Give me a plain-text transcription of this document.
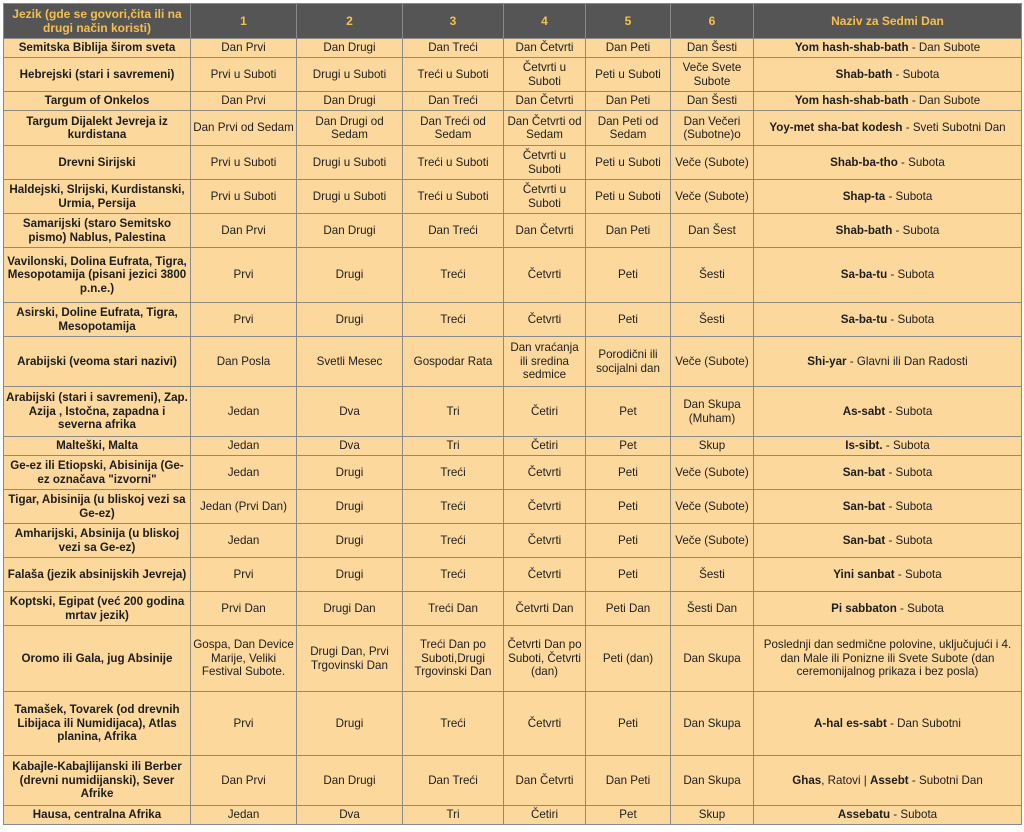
Jezik (gde se govori,čita ili na drugi način koristi)	1	2	3	4	5	6	Naziv za Sedmi Dan
Semitska Biblija širom sveta	Dan Prvi	Dan Drugi	Dan Treći	Dan Četvrti	Dan Peti	Dan Šesti	Yom hash-shab-bath - Dan Subote
Hebrejski (stari i savremeni)	Prvi u Suboti	Drugi u Suboti	Treći u Suboti	Četvrti u Suboti	Peti u Suboti	Veče Svete Subote	Shab-bath - Subota
Targum of Onkelos	Dan Prvi	Dan Drugi	Dan Treći	Dan Četvrti	Dan Peti	Dan Šesti	Yom hash-shab-bath - Dan Subote
Targum Dijalekt Jevreja iz kurdistana	Dan Prvi od Sedam	Dan Drugi od Sedam	Dan Treći od Sedam	Dan Četvrti od Sedam	Dan Peti od Sedam	Dan Večeri (Subotne)o	Yoy-met sha-bat kodesh - Sveti Subotni Dan
Drevni Sirijski	Prvi u Suboti	Drugi u Suboti	Treći u Suboti	Četvrti u Suboti	Peti u Suboti	Veče (Subote)	Shab-ba-tho - Subota
Haldejski, Slrijski, Kurdistanski, Urmia, Persija	Prvi u Suboti	Drugi u Suboti	Treći u Suboti	Četvrti u Suboti	Peti u Suboti	Veče (Subote)	Shap-ta - Subota
Samarijski (staro Semitsko pismo) Nablus, Palestina	Dan Prvi	Dan Drugi	Dan Treći	Dan Četvrti	Dan Peti	Dan Šest	Shab-bath - Subota
Vavilonski, Dolina Eufrata, Tigra, Mesopotamija (pisani jezici 3800 p.n.e.)	Prvi	Drugi	Treći	Četvrti	Peti	Šesti	Sa-ba-tu - Subota
Asirski, Doline Eufrata, Tigra, Mesopotamija	Prvi	Drugi	Treći	Četvrti	Peti	Šesti	Sa-ba-tu - Subota
Arabijski (veoma stari nazivi)	Dan Posla	Svetli Mesec	Gospodar Rata	Dan vraćanja ili sredina sedmice	Porodični ili socijalni dan	Veče (Subote)	Shi-yar - Glavni ili Dan Radosti
Arabijski (stari i savremeni), Zap. Azija , Istočna, zapadna i severna afrika	Jedan	Dva	Tri	Četiri	Pet	Dan Skupa (Muham)	As-sabt - Subota
Malteški, Malta	Jedan	Dva	Tri	Četiri	Pet	Skup	Is-sibt. - Subota
Ge-ez ili Etiopski, Abisinija (Ge-ez označava "izvorni"	Jedan	Drugi	Treći	Četvrti	Peti	Veče (Subote)	San-bat - Subota
Tigar, Abisinija (u bliskoj vezi sa Ge-ez)	Jedan (Prvi Dan)	Drugi	Treći	Četvrti	Peti	Veče (Subote)	San-bat - Subota
Amharijski, Absinija (u bliskoj vezi sa Ge-ez)	Jedan	Drugi	Treći	Četvrti	Peti	Veče (Subote)	San-bat - Subota
Falaša (jezik absinijskih Jevreja)	Prvi	Drugi	Treći	Četvrti	Peti	Šesti	Yini sanbat - Subota
Koptski, Egipat (već 200 godina mrtav jezik)	Prvi Dan	Drugi Dan	Treći Dan	Četvrti Dan	Peti Dan	Šesti Dan	Pi sabbaton - Subota
Oromo ili Gala, jug Absinije	Gospa, Dan Device Marije, Veliki Festival Subote.	Drugi Dan, Prvi Trgovinski Dan	Treći Dan po Suboti,Drugi Trgovinski Dan	Četvrti Dan po Suboti, Četvrti (dan)	Peti (dan)	Dan Skupa	Poslednji dan sedmične polovine, uključujući i 4. dan Male ili Ponizne ili Svete Subote (dan ceremonijalnog prikaza i bez posla)
Tamašek, Tovarek (od drevnih Libijaca ili Numidijaca), Atlas planina, Afrika	Prvi	Drugi	Treći	Četvrti	Peti	Dan Skupa	A-hal es-sabt - Dan Subotni
Kabajle-Kabajlijanski ili Berber (drevni numidijanski), Sever Afrike	Dan Prvi	Dan Drugi	Dan Treći	Dan Četvrti	Dan Peti	Dan Skupa	Ghas, Ratovi | Assebt - Subotni Dan
Hausa, centralna Afrika	Jedan	Dva	Tri	Četiri	Pet	Skup	Assebatu - Subota
